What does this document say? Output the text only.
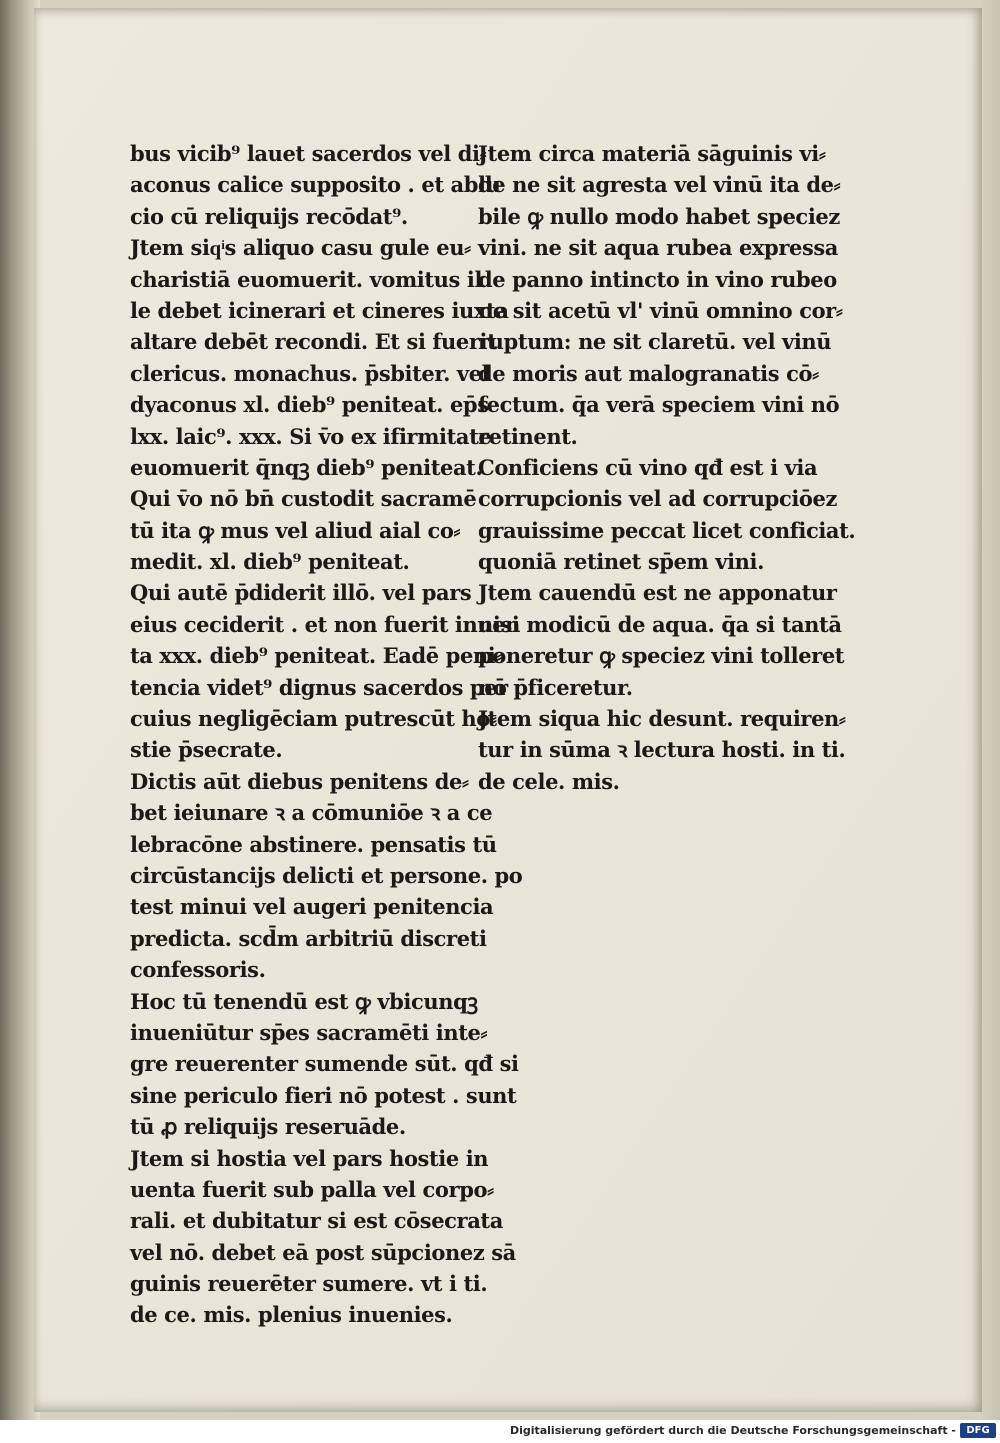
bus vicib⁹ lauet sacerdos vel di⸗
aconus calice supposito . et ablu
cio cū reliquijs recōdat⁹.
Jtem siqͥs aliquo casu gule eu⸗
charistiā euomuerit. vomitus il
le debet icinerari et cineres iuxta
altare debēt recondi. Et si fuerit
clericus. monachus. p̄sbiter. vel
dyaconus xl. dieb⁹ peniteat. ep̄s
lxx. laic⁹. xxx. Si v̄o ex ifirmitate
euomuerit q̄nqꝫ dieb⁹ peniteat.
Qui v̄o nō bn̄ custodit sacramē
tū ita ꝙ mus vel aliud aial co⸗
medit. xl. dieb⁹ peniteat.
Qui autē p̄diderit illō. vel pars
eius ceciderit . et non fuerit inuen
ta xxx. dieb⁹ peniteat. Eadē peni⸗
tencia videt⁹ dignus sacerdos per
cuius negligēciam putrescūt ho⸗
stie p̄secrate.
Dictis aūt diebus penitens de⸗
bet ieiunare ꝛ a cōmuniōe ꝛ a ce
lebracōne abstinere. pensatis tū
circūstancijs delicti et persone. po
test minui vel augeri penitencia
predicta. scd̄m arbitriū discreti
confessoris.
Hoc tū tenendū est ꝙ vbicunqꝫ
inueniūtur sp̄es sacramēti inte⸗
gre reuerenter sumende sūt. qđ si
sine periculo fieri nō potest . sunt
tū ꝓ reliquijs reseruāde.
Jtem si hostia vel pars hostie in
uenta fuerit sub palla vel corpo⸗
rali. et dubitatur si est cōsecrata
vel nō. debet eā post sūpcionez sā
guinis reuerēter sumere. vt i ti.
de ce. mis. plenius inuenies.
Jtem circa materiā sāguinis vi⸗
de ne sit agresta vel vinū ita de⸗
bile ꝙ nullo modo habet speciez
vini. ne sit aqua rubea expressa
de panno intincto in vino rubeo
ne sit acetū vl' vinū omnino cor⸗
ruptum: ne sit claretū. vel vinū
de moris aut malogranatis cō⸗
fectum. q̄a verā speciem vini nō
retinent.
Conficiens cū vino qđ est i via
corrupcionis vel ad corrupciōez
grauissime peccat licet conficiat.
quoniā retinet sp̄em vini.
Jtem cauendū est ne apponatur
nisi modicū de aqua. q̄a si tantā
poneretur ꝙ speciez vini tolleret
nō p̄ficeretur.
Jtem siqua hic desunt. requiren⸗
tur in sūma ꝛ lectura hosti. in ti.
de cele. mis.
Digitalisierung gefördert durch die Deutsche Forschungsgemeinschaft -	DFG
